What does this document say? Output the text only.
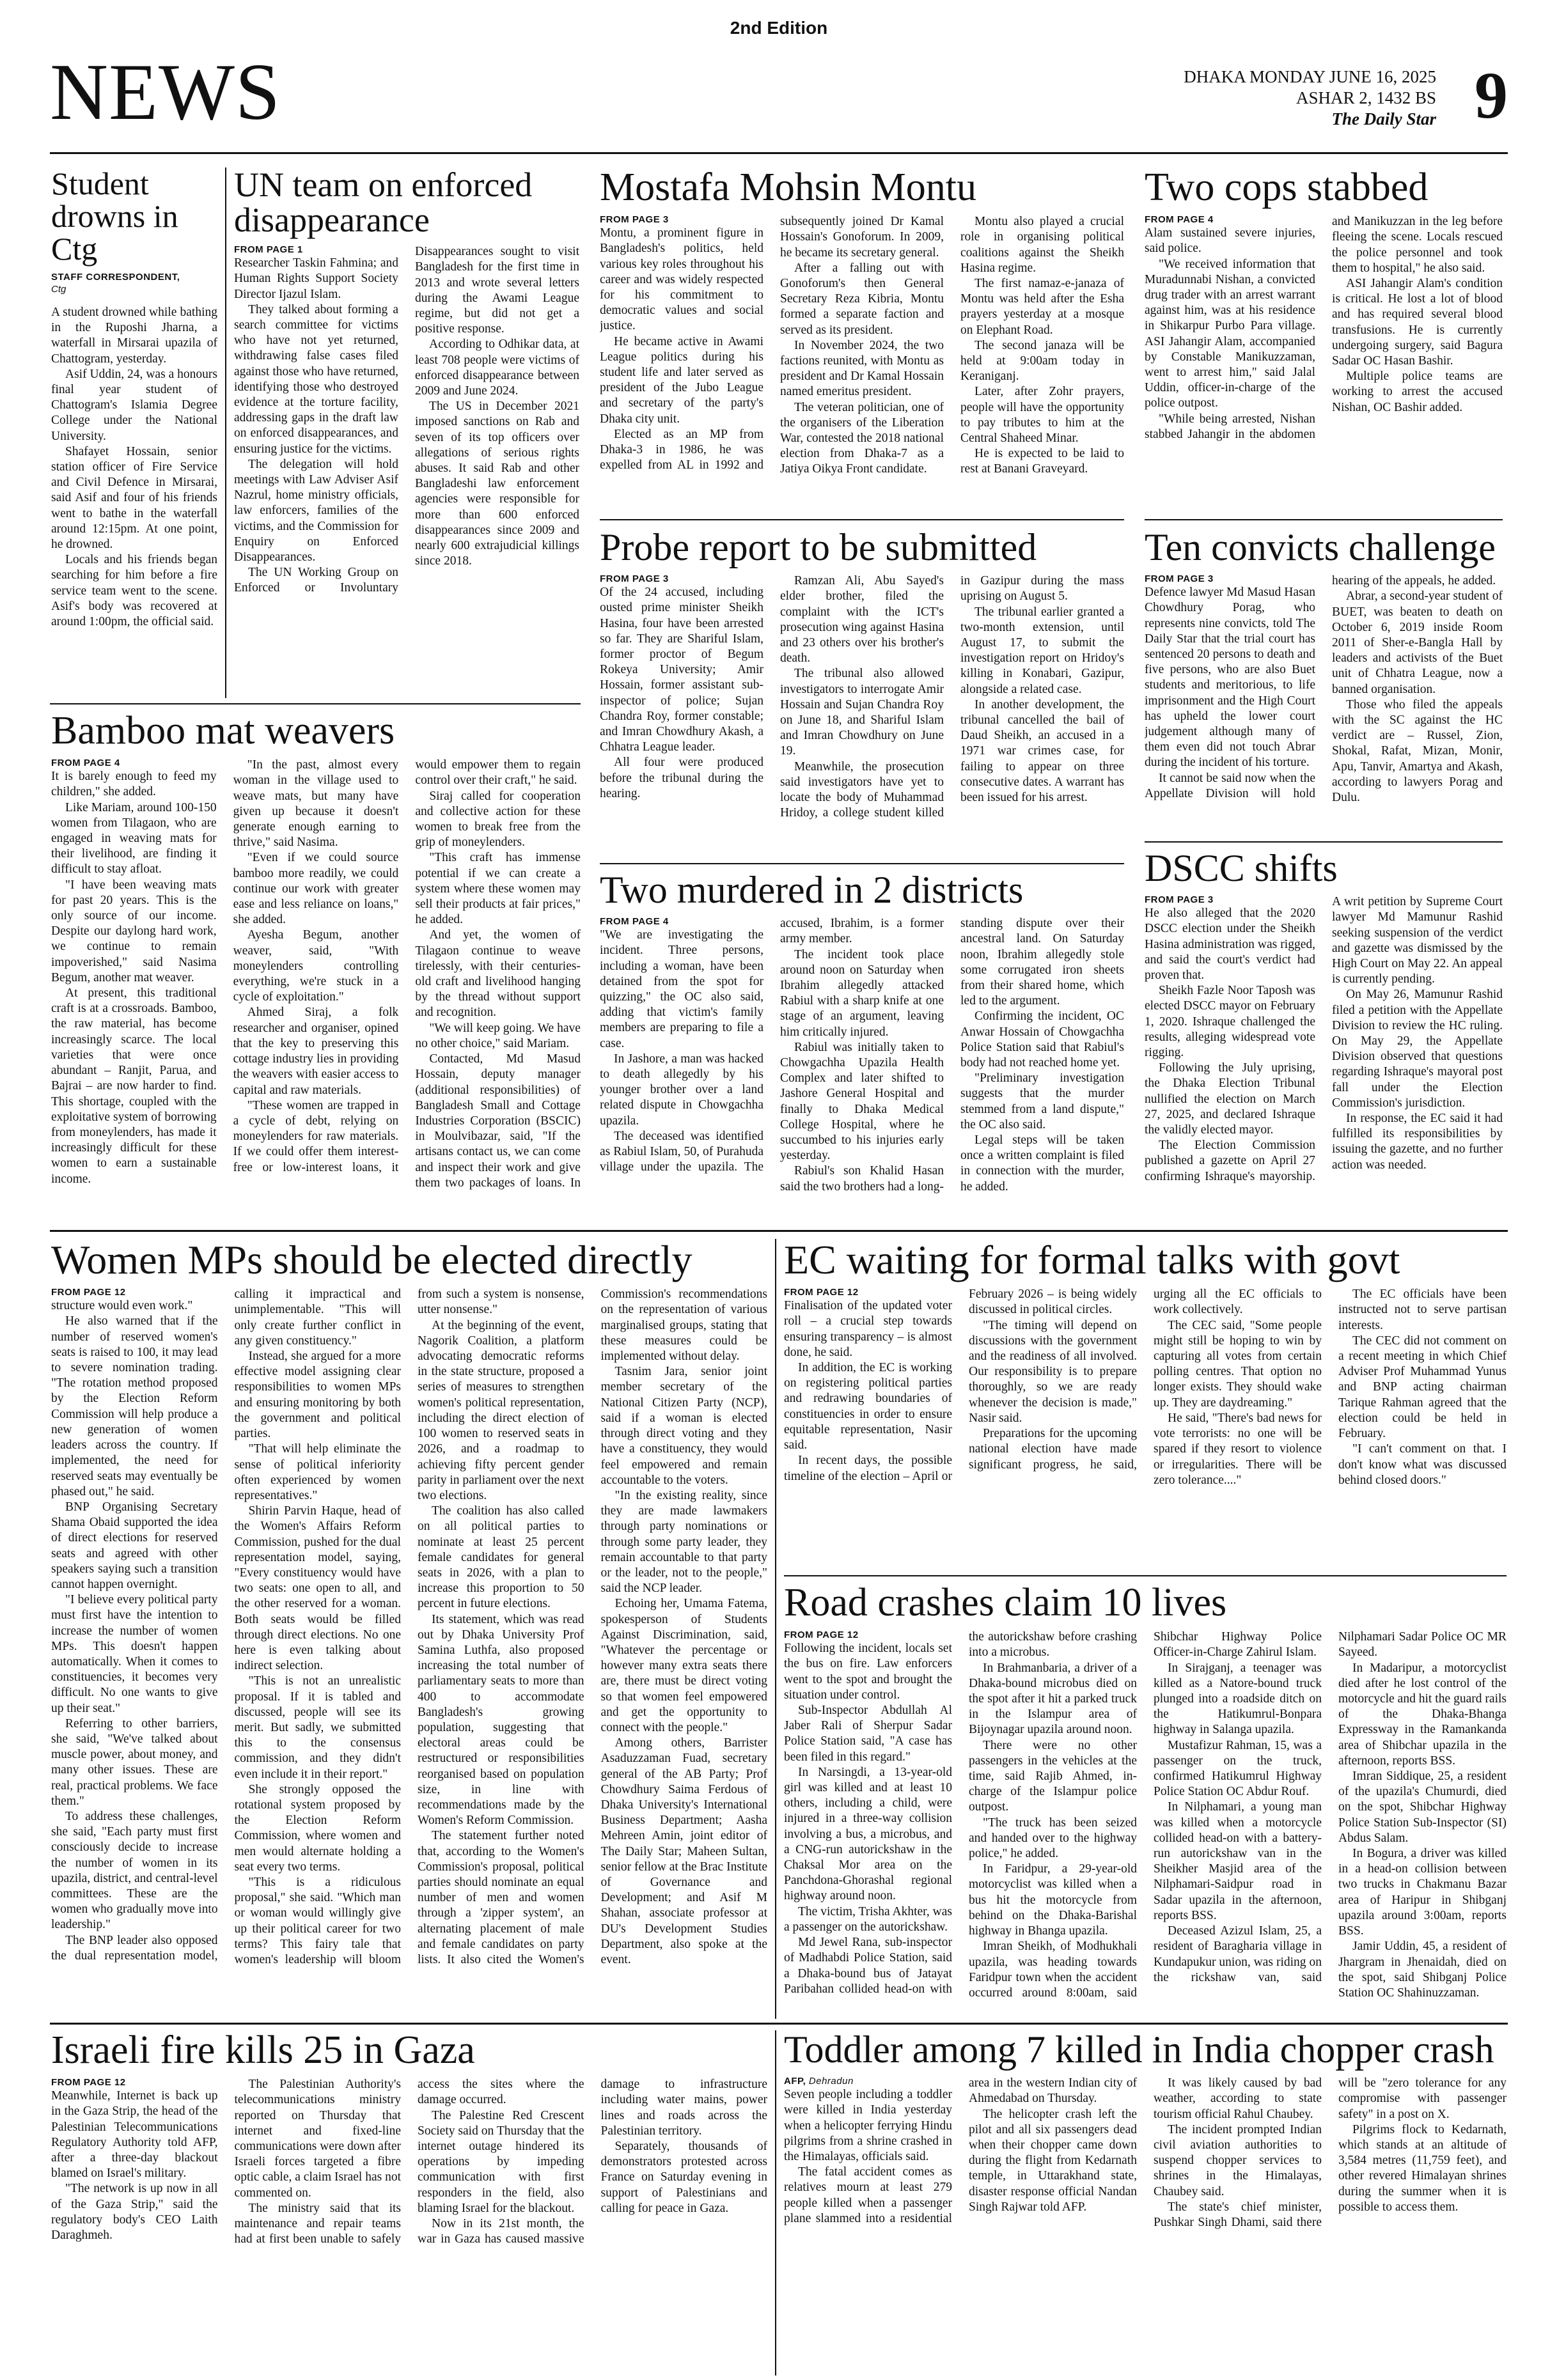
2nd Edition
NEWS	DHAKA MONDAY JUNE 16, 2025
ASHAR 2, 1432 BS
The Daily Star 9
Student drowns in Ctg
STAFF CORRESPONDENT,
Ctg

A student drowned while bathing in the Ruposhi Jharna, a waterfall in Mirsarai upazila of Chattogram, yesterday.

Asif Uddin, 24, was a honours final year student of Chattogram's Islamia Degree College under the National University.

Shafayet Hossain, senior station officer of Fire Service and Civil Defence in Mirsarai, said Asif and four of his friends went to bathe in the waterfall around 12:15pm. At one point, he drowned.

Locals and his friends began searching for him before a fire service team went to the scene. Asif's body was recovered at around 1:00pm, the official said.

UN team on enforced disappearance
FROM PAGE 1

Researcher Taskin Fahmina; and Human Rights Support Society Director Ijazul Islam.

They talked about forming a search committee for victims who have not yet returned, withdrawing false cases filed against those who have returned, identifying those who destroyed evidence at the torture facility, addressing gaps in the draft law on enforced disappearances, and ensuring justice for the victims.

The delegation will hold meetings with Law Adviser Asif Nazrul, home ministry officials, law enforcers, families of the victims, and the Commission for Enquiry on Enforced Disappearances.

The UN Working Group on Enforced or Involuntary Disappearances sought to visit Bangladesh for the first time in 2013 and wrote several letters during the Awami League regime, but did not get a positive response.

According to Odhikar data, at least 708 people were victims of enforced disappearance between 2009 and June 2024.

The US in December 2021 imposed sanctions on Rab and seven of its top officers over allegations of serious rights abuses. It said Rab and other Bangladeshi law enforcement agencies were responsible for more than 600 enforced disappearances since 2009 and nearly 600 extrajudicial killings since 2018.

Mostafa Mohsin Montu
FROM PAGE 3

Montu, a prominent figure in Bangladesh's politics, held various key roles throughout his career and was widely respected for his commitment to democratic values and social justice.

He became active in Awami League politics during his student life and later served as president of the Jubo League and secretary of the party's Dhaka city unit.

Elected as an MP from Dhaka-3 in 1986, he was expelled from AL in 1992 and subsequently joined Dr Kamal Hossain's Gonoforum. In 2009, he became its secretary general.

After a falling out with Gonoforum's then General Secretary Reza Kibria, Montu formed a separate faction and served as its president.

In November 2024, the two factions reunited, with Montu as president and Dr Kamal Hossain named emeritus president.

The veteran politician, one of the organisers of the Liberation War, contested the 2018 national election from Dhaka-7 as a Jatiya Oikya Front candidate.

Montu also played a crucial role in organising political coalitions against the Sheikh Hasina regime.

The first namaz-e-janaza of Montu was held after the Esha prayers yesterday at a mosque on Elephant Road.

The second janaza will be held at 9:00am today in Keraniganj.

Later, after Zohr prayers, people will have the opportunity to pay tributes to him at the Central Shaheed Minar.

He is expected to be laid to rest at Banani Graveyard.

Two cops stabbed
FROM PAGE 4

Alam sustained severe injuries, said police.

"We received information that Muradunnabi Nishan, a convicted drug trader with an arrest warrant against him, was at his residence in Shikarpur Purbo Para village. ASI Jahangir Alam, accompanied by Constable Manikuzzaman, went to arrest him," said Jalal Uddin, officer-in-charge of the police outpost.

"While being arrested, Nishan stabbed Jahangir in the abdomen and Manikuzzan in the leg before fleeing the scene. Locals rescued the police personnel and took them to hospital," he also said.

ASI Jahangir Alam's condition is critical. He lost a lot of blood and has required several blood transfusions. He is currently undergoing surgery, said Bagura Sadar OC Hasan Bashir.

Multiple police teams are working to arrest the accused Nishan, OC Bashir added.

Probe report to be submitted
FROM PAGE 3

Of the 24 accused, including ousted prime minister Sheikh Hasina, four have been arrested so far. They are Shariful Islam, former proctor of Begum Rokeya University; Amir Hossain, former assistant sub-inspector of police; Sujan Chandra Roy, former constable; and Imran Chowdhury Akash, a Chhatra League leader.

All four were produced before the tribunal during the hearing.

Ramzan Ali, Abu Sayed's elder brother, filed the complaint with the ICT's prosecution wing against Hasina and 23 others over his brother's death.

The tribunal also allowed investigators to interrogate Amir Hossain and Sujan Chandra Roy on June 18, and Shariful Islam and Imran Chowdhury on June 19.

Meanwhile, the prosecution said investigators have yet to locate the body of Muhammad Hridoy, a college student killed in Gazipur during the mass uprising on August 5.

The tribunal earlier granted a two-month extension, until August 17, to submit the investigation report on Hridoy's killing in Konabari, Gazipur, alongside a related case.

In another development, the tribunal cancelled the bail of Daud Sheikh, an accused in a 1971 war crimes case, for failing to appear on three consecutive dates. A warrant has been issued for his arrest.

Ten convicts challenge
FROM PAGE 3

Defence lawyer Md Masud Hasan Chowdhury Porag, who represents nine convicts, told The Daily Star that the trial court has sentenced 20 persons to death and five persons, who are also Buet students and meritorious, to life imprisonment and the High Court has upheld the lower court judgement although many of them even did not touch Abrar during the incident of his torture.

It cannot be said now when the Appellate Division will hold hearing of the appeals, he added.

Abrar, a second-year student of BUET, was beaten to death on October 6, 2019 inside Room 2011 of Sher-e-Bangla Hall by leaders and activists of the Buet unit of Chhatra League, now a banned organisation.

Those who filed the appeals with the SC against the HC verdict are – Russel, Zion, Shokal, Rafat, Mizan, Monir, Apu, Tanvir, Amartya and Akash, according to lawyers Porag and Dulu.

Bamboo mat weavers
FROM PAGE 4

It is barely enough to feed my children," she added.

Like Mariam, around 100-150 women from Tilagaon, who are engaged in weaving mats for their livelihood, are finding it difficult to stay afloat.

"I have been weaving mats for past 20 years. This is the only source of our income. Despite our daylong hard work, we continue to remain impoverished," said Nasima Begum, another mat weaver.

At present, this traditional craft is at a crossroads. Bamboo, the raw material, has become increasingly scarce. The local varieties that were once abundant – Ranjit, Parua, and Bajrai – are now harder to find. This shortage, coupled with the exploitative system of borrowing from moneylenders, has made it increasingly difficult for these women to earn a sustainable income.

"In the past, almost every woman in the village used to weave mats, but many have given up because it doesn't generate enough earning to thrive," said Nasima.

"Even if we could source bamboo more readily, we could continue our work with greater ease and less reliance on loans," she added.

Ayesha Begum, another weaver, said, "With moneylenders controlling everything, we're stuck in a cycle of exploitation."

Ahmed Siraj, a folk researcher and organiser, opined that the key to preserving this cottage industry lies in providing the weavers with easier access to capital and raw materials.

"These women are trapped in a cycle of debt, relying on moneylenders for raw materials. If we could offer them interest-free or low-interest loans, it would empower them to regain control over their craft," he said.

Siraj called for cooperation and collective action for these women to break free from the grip of moneylenders.

"This craft has immense potential if we can create a system where these women may sell their products at fair prices," he added.

And yet, the women of Tilagaon continue to weave tirelessly, with their centuries-old craft and livelihood hanging by the thread without support and recognition.

"We will keep going. We have no other choice," said Mariam.

Contacted, Md Masud Hossain, deputy manager (additional responsibilities) of Bangladesh Small and Cottage Industries Corporation (BSCIC) in Moulvibazar, said, "If the artisans contact us, we can come and inspect their work and give them two packages of loans. In

Two murdered in 2 districts
FROM PAGE 4

"We are investigating the incident. Three persons, including a woman, have been detained from the spot for quizzing," the OC also said, adding that victim's family members are preparing to file a case.

In Jashore, a man was hacked to death allegedly by his younger brother over a land related dispute in Chowgachha upazila.

The deceased was identified as Rabiul Islam, 50, of Purahuda village under the upazila. The accused, Ibrahim, is a former army member.

The incident took place around noon on Saturday when Ibrahim allegedly attacked Rabiul with a sharp knife at one stage of an argument, leaving him critically injured.

Rabiul was initially taken to Chowgachha Upazila Health Complex and later shifted to Jashore General Hospital and finally to Dhaka Medical College Hospital, where he succumbed to his injuries early yesterday.

Rabiul's son Khalid Hasan said the two brothers had a long-standing dispute over their ancestral land. On Saturday noon, Ibrahim allegedly stole some corrugated iron sheets from their shared home, which led to the argument.

Confirming the incident, OC Anwar Hossain of Chowgachha Police Station said that Rabiul's body had not reached home yet.

"Preliminary investigation suggests that the murder stemmed from a land dispute," the OC also said.

Legal steps will be taken once a written complaint is filed in connection with the murder, he added.

DSCC shifts
FROM PAGE 3

He also alleged that the 2020 DSCC election under the Sheikh Hasina administration was rigged, and said the court's verdict had proven that.

Sheikh Fazle Noor Taposh was elected DSCC mayor on February 1, 2020. Ishraque challenged the results, alleging widespread vote rigging.

Following the July uprising, the Dhaka Election Tribunal nullified the election on March 27, 2025, and declared Ishraque the validly elected mayor.

The Election Commission published a gazette on April 27 confirming Ishraque's mayorship. A writ petition by Supreme Court lawyer Md Mamunur Rashid seeking suspension of the verdict and gazette was dismissed by the High Court on May 22. An appeal is currently pending.

On May 26, Mamunur Rashid filed a petition with the Appellate Division to review the HC ruling. On May 29, the Appellate Division observed that questions regarding Ishraque's mayoral post fall under the Election Commission's jurisdiction.

In response, the EC said it had fulfilled its responsibilities by issuing the gazette, and no further action was needed.

Women MPs should be elected directly
FROM PAGE 12

structure would even work."

He also warned that if the number of reserved women's seats is raised to 100, it may lead to severe nomination trading. "The rotation method proposed by the Election Reform Commission will help produce a new generation of women leaders across the country. If implemented, the need for reserved seats may eventually be phased out," he said.

BNP Organising Secretary Shama Obaid supported the idea of direct elections for reserved seats and agreed with other speakers saying such a transition cannot happen overnight.

"I believe every political party must first have the intention to increase the number of women MPs. This doesn't happen automatically. When it comes to constituencies, it becomes very difficult. No one wants to give up their seat."

Referring to other barriers, she said, "We've talked about muscle power, about money, and many other issues. These are real, practical problems. We face them."

To address these challenges, she said, "Each party must first consciously decide to increase the number of women in its upazila, district, and central-level committees. These are the women who gradually move into leadership."

The BNP leader also opposed the dual representation model, calling it impractical and unimplementable. "This will only create further conflict in any given constituency."

Instead, she argued for a more effective model assigning clear responsibilities to women MPs and ensuring monitoring by both the government and political parties.

"That will help eliminate the sense of political inferiority often experienced by women representatives."

Shirin Parvin Haque, head of the Women's Affairs Reform Commission, pushed for the dual representation model, saying, "Every constituency would have two seats: one open to all, and the other reserved for a woman. Both seats would be filled through direct elections. No one here is even talking about indirect selection.

"This is not an unrealistic proposal. If it is tabled and discussed, people will see its merit. But sadly, we submitted this to the consensus commission, and they didn't even include it in their report."

She strongly opposed the rotational system proposed by the Election Reform Commission, where women and men would alternate holding a seat every two terms.

"This is a ridiculous proposal," she said. "Which man or woman would willingly give up their political career for two terms? This fairy tale that women's leadership will bloom from such a system is nonsense, utter nonsense."

At the beginning of the event, Nagorik Coalition, a platform advocating democratic reforms in the state structure, proposed a series of measures to strengthen women's political representation, including the direct election of 100 women to reserved seats in 2026, and a roadmap to achieving fifty percent gender parity in parliament over the next two elections.

The coalition has also called on all political parties to nominate at least 25 percent female candidates for general seats in 2026, with a plan to increase this proportion to 50 percent in future elections.

Its statement, which was read out by Dhaka University Prof Samina Luthfa, also proposed increasing the total number of parliamentary seats to more than 400 to accommodate Bangladesh's growing population, suggesting that electoral areas could be restructured or responsibilities reorganised based on population size, in line with recommendations made by the Women's Reform Commission.

The statement further noted that, according to the Women's Commission's proposal, political parties should nominate an equal number of men and women through a 'zipper system', an alternating placement of male and female candidates on party lists. It also cited the Women's Commission's recommendations on the representation of various marginalised groups, stating that these measures could be implemented without delay.

Tasnim Jara, senior joint member secretary of the National Citizen Party (NCP), said if a woman is elected through direct voting and they have a constituency, they would feel empowered and remain accountable to the voters.

"In the existing reality, since they are made lawmakers through party nominations or through some party leader, they remain accountable to that party or the leader, not to the people," said the NCP leader.

Echoing her, Umama Fatema, spokesperson of Students Against Discrimination, said, "Whatever the percentage or however many extra seats there are, there must be direct voting so that women feel empowered and get the opportunity to connect with the people."

Among others, Barrister Asaduzzaman Fuad, secretary general of the AB Party; Prof Chowdhury Saima Ferdous of Dhaka University's International Business Department; Aasha Mehreen Amin, joint editor of The Daily Star; Maheen Sultan, senior fellow at the Brac Institute of Governance and Development; and Asif M Shahan, associate professor at DU's Development Studies Department, also spoke at the event.

EC waiting for formal talks with govt
FROM PAGE 12

Finalisation of the updated voter roll – a crucial step towards ensuring transparency – is almost done, he said.

In addition, the EC is working on registering political parties and redrawing boundaries of constituencies in order to ensure equitable representation, Nasir said.

In recent days, the possible timeline of the election – April or February 2026 – is being widely discussed in political circles.

"The timing will depend on discussions with the government and the readiness of all involved. Our responsibility is to prepare thoroughly, so we are ready whenever the decision is made," Nasir said.

Preparations for the upcoming national election have made significant progress, he said, urging all the EC officials to work collectively.

The CEC said, "Some people might still be hoping to win by capturing all votes from certain polling centres. That option no longer exists. They should wake up. They are daydreaming."

He said, "There's bad news for vote terrorists: no one will be spared if they resort to violence or irregularities. There will be zero tolerance...."

The EC officials have been instructed not to serve partisan interests.

The CEC did not comment on a recent meeting in which Chief Adviser Prof Muhammad Yunus and BNP acting chairman Tarique Rahman agreed that the election could be held in February.

"I can't comment on that. I don't know what was discussed behind closed doors."

Road crashes claim 10 lives
FROM PAGE 12

Following the incident, locals set the bus on fire. Law enforcers went to the spot and brought the situation under control.

Sub-Inspector Abdullah Al Jaber Rali of Sherpur Sadar Police Station said, "A case has been filed in this regard."

In Narsingdi, a 13-year-old girl was killed and at least 10 others, including a child, were injured in a three-way collision involving a bus, a microbus, and a CNG-run autorickshaw in the Chaksal Mor area on the Panchdona-Ghorashal regional highway around noon.

The victim, Trisha Akhter, was a passenger on the autorickshaw.

Md Jewel Rana, sub-inspector of Madhabdi Police Station, said a Dhaka-bound bus of Jatayat Paribahan collided head-on with the autorickshaw before crashing into a microbus.

In Brahmanbaria, a driver of a Dhaka-bound microbus died on the spot after it hit a parked truck in the Islampur area of Bijoynagar upazila around noon.

There were no other passengers in the vehicles at the time, said Rajib Ahmed, in-charge of the Islampur police outpost.

"The truck has been seized and handed over to the highway police," he added.

In Faridpur, a 29-year-old motorcyclist was killed when a bus hit the motorcycle from behind on the Dhaka-Barishal highway in Bhanga upazila.

Imran Sheikh, of Modhukhali upazila, was heading towards Faridpur town when the accident occurred around 8:00am, said Shibchar Highway Police Officer-in-Charge Zahirul Islam.

In Sirajganj, a teenager was killed as a Natore-bound truck plunged into a roadside ditch on the Hatikumrul-Bonpara highway in Salanga upazila.

Mustafizur Rahman, 15, was a passenger on the truck, confirmed Hatikumrul Highway Police Station OC Abdur Rouf.

In Nilphamari, a young man was killed when a motorcycle collided head-on with a battery-run autorickshaw van in the Sheikher Masjid area of the Nilphamari-Saidpur road in Sadar upazila in the afternoon, reports BSS.

Deceased Azizul Islam, 25, a resident of Baragharia village in Kundapukur union, was riding on the rickshaw van, said Nilphamari Sadar Police OC MR Sayeed.

In Madaripur, a motorcyclist died after he lost control of the motorcycle and hit the guard rails of the Dhaka-Bhanga Expressway in the Ramankanda area of Shibchar upazila in the afternoon, reports BSS.

Imran Siddique, 25, a resident of the upazila's Chumurdi, died on the spot, Shibchar Highway Police Station Sub-Inspector (SI) Abdus Salam.

In Bogura, a driver was killed in a head-on collision between two trucks in Chakmanu Bazar area of Haripur in Shibganj upazila around 3:00am, reports BSS.

Jamir Uddin, 45, a resident of Jhargram in Jhenaidah, died on the spot, said Shibganj Police Station OC Shahinuzzaman.

Israeli fire kills 25 in Gaza
FROM PAGE 12

Meanwhile, Internet is back up in the Gaza Strip, the head of the Palestinian Telecommunications Regulatory Authority told AFP, after a three-day blackout blamed on Israel's military.

"The network is up now in all of the Gaza Strip," said the regulatory body's CEO Laith Daraghmeh.

The Palestinian Authority's telecommunications ministry reported on Thursday that internet and fixed-line communications were down after Israeli forces targeted a fibre optic cable, a claim Israel has not commented on.

The ministry said that its maintenance and repair teams had at first been unable to safely access the sites where the damage occurred.

The Palestine Red Crescent Society said on Thursday that the internet outage hindered its operations by impeding communication with first responders in the field, also blaming Israel for the blackout.

Now in its 21st month, the war in Gaza has caused massive damage to infrastructure including water mains, power lines and roads across the Palestinian territory.

Separately, thousands of demonstrators protested across France on Saturday evening in support of Palestinians and calling for peace in Gaza.

Toddler among 7 killed in India chopper crash
AFP, Dehradun

Seven people including a toddler were killed in India yesterday when a helicopter ferrying Hindu pilgrims from a shrine crashed in the Himalayas, officials said.

The fatal accident comes as relatives mourn at least 279 people killed when a passenger plane slammed into a residential area in the western Indian city of Ahmedabad on Thursday.

The helicopter crash left the pilot and all six passengers dead when their chopper came down during the flight from Kedarnath temple, in Uttarakhand state, disaster response official Nandan Singh Rajwar told AFP.

It was likely caused by bad weather, according to state tourism official Rahul Chaubey.

The incident prompted Indian civil aviation authorities to suspend chopper services to shrines in the Himalayas, Chaubey said.

The state's chief minister, Pushkar Singh Dhami, said there will be "zero tolerance for any compromise with passenger safety" in a post on X.

Pilgrims flock to Kedarnath, which stands at an altitude of 3,584 metres (11,759 feet), and other revered Himalayan shrines during the summer when it is possible to access them.
